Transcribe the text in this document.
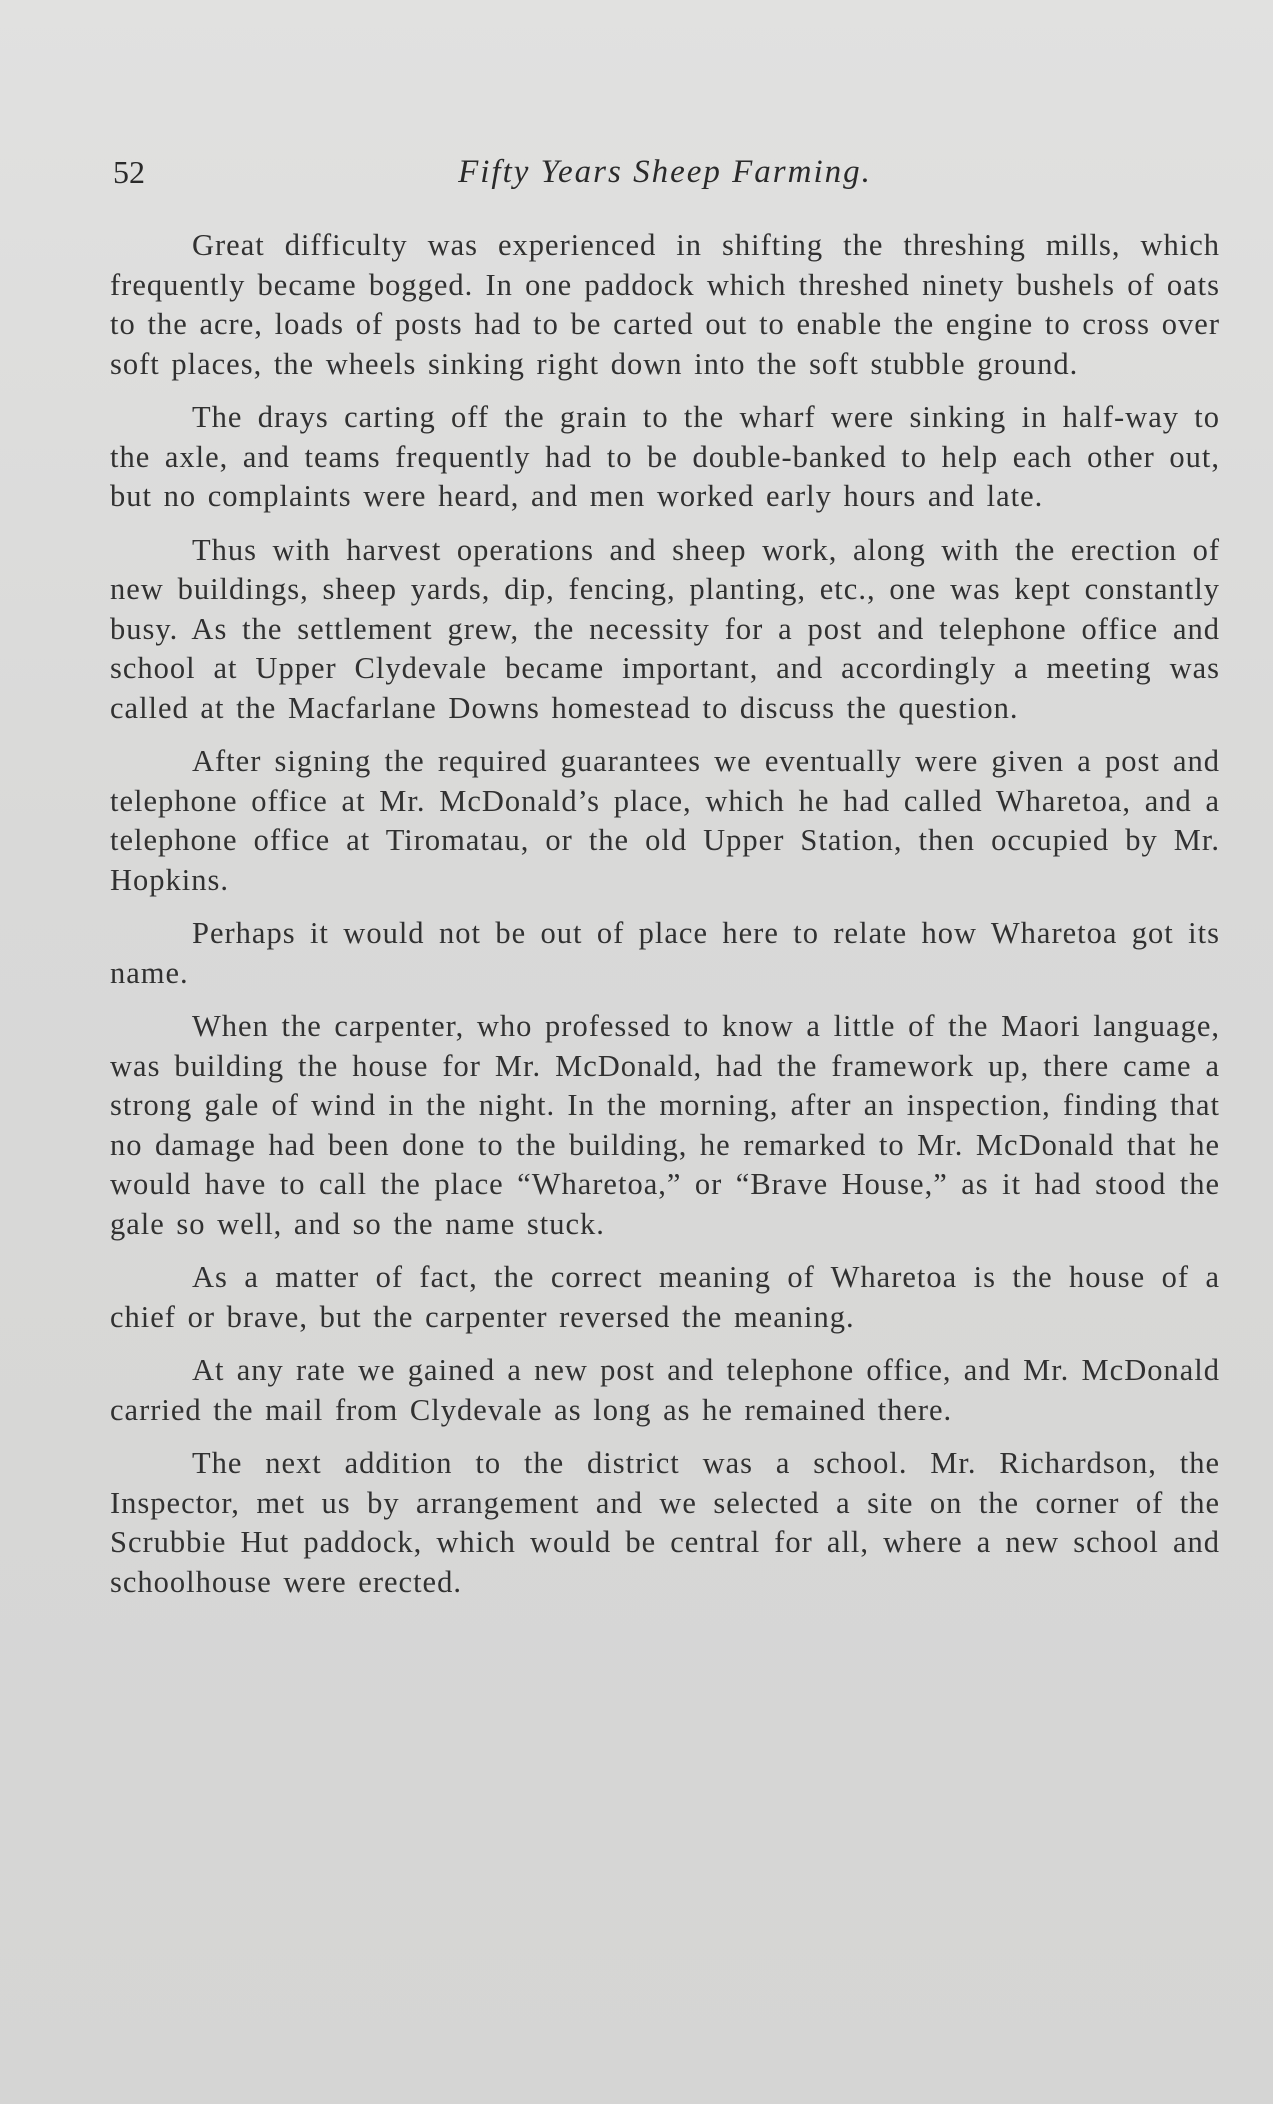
52	Fifty Years Sheep Farming.

Great difficulty was experienced in shifting the threshing mills, which frequently became bogged. In one paddock which threshed ninety bushels of oats to the acre, loads of posts had to be carted out to enable the engine to cross over soft places, the wheels sinking right down into the soft stubble ground.

The drays carting off the grain to the wharf were sinking in half-way to the axle, and teams frequently had to be double-banked to help each other out, but no complaints were heard, and men worked early hours and late.

Thus with harvest operations and sheep work, along with the erection of new buildings, sheep yards, dip, fencing, planting, etc., one was kept constantly busy. As the settlement grew, the necessity for a post and telephone office and school at Upper Clydevale became important, and accordingly a meeting was called at the Macfarlane Downs homestead to discuss the question.

After signing the required guarantees we eventually were given a post and telephone office at Mr. McDonald’s place, which he had called Wharetoa, and a telephone office at Tiromatau, or the old Upper Station, then occupied by Mr. Hopkins.

Perhaps it would not be out of place here to relate how Wharetoa got its name.

When the carpenter, who professed to know a little of the Maori language, was building the house for Mr. McDonald, had the framework up, there came a strong gale of wind in the night. In the morning, after an inspection, finding that no damage had been done to the building, he remarked to Mr. McDonald that he would have to call the place “Wharetoa,” or “Brave House,” as it had stood the gale so well, and so the name stuck.

As a matter of fact, the correct meaning of Wharetoa is the house of a chief or brave, but the carpenter reversed the meaning.

At any rate we gained a new post and telephone office, and Mr. McDonald carried the mail from Clydevale as long as he remained there.

The next addition to the district was a school. Mr. Richardson, the Inspector, met us by arrangement and we selected a site on the corner of the Scrubbie Hut paddock, which would be central for all, where a new school and schoolhouse were erected.
